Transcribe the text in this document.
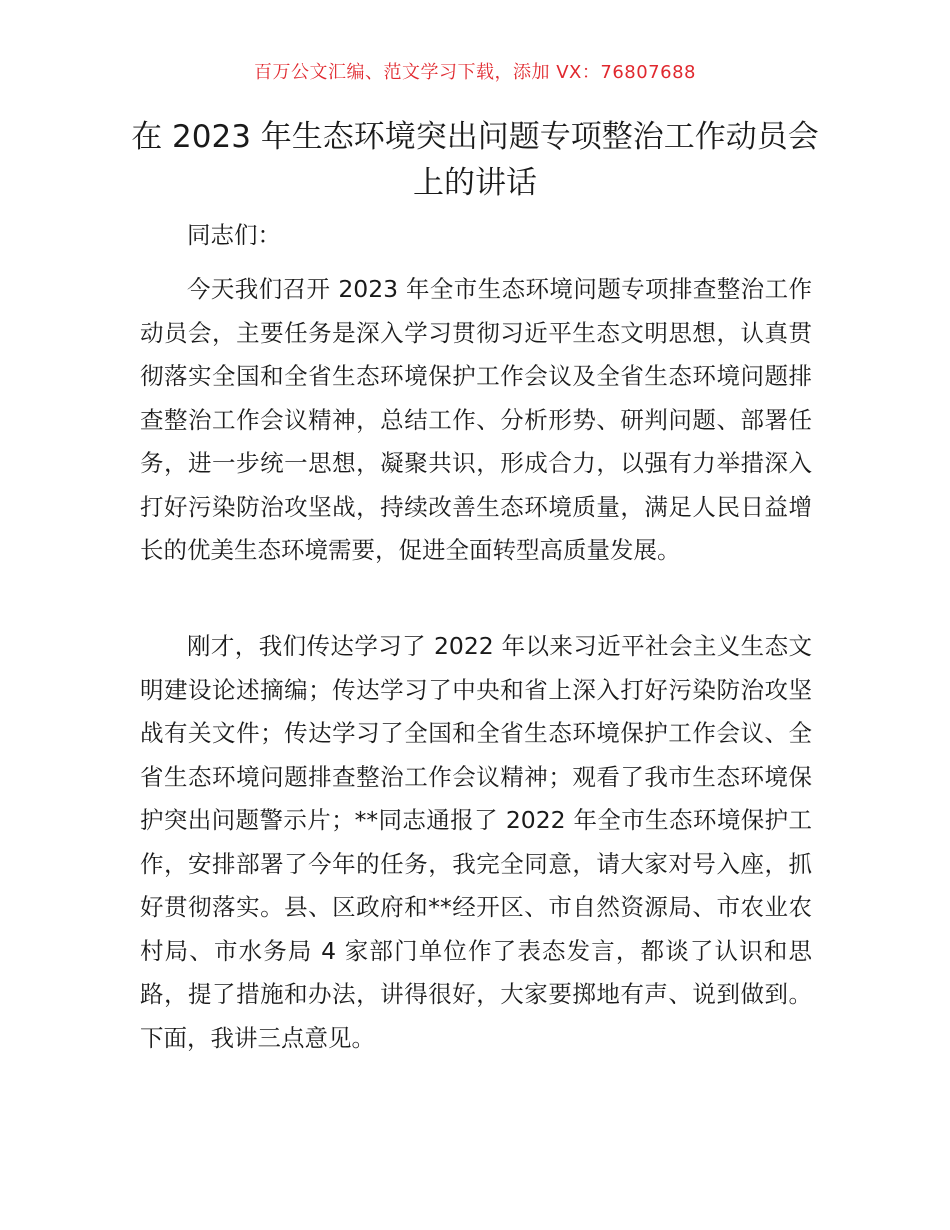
百万公文汇编、范文学习下载，添加 VX：76807688
在 2023 年生态环境突出问题专项整治工作动员会上的讲话

同志们：

今天我们召开 2023 年全市生态环境问题专项排查整治工作动员会，主要任务是深入学习贯彻习近平生态文明思想，认真贯彻落实全国和全省生态环境保护工作会议及全省生态环境问题排查整治工作会议精神，总结工作、分析形势、研判问题、部署任务，进一步统一思想，凝聚共识，形成合力，以强有力举措深入打好污染防治攻坚战，持续改善生态环境质量，满足人民日益增长的优美生态环境需要，促进全面转型高质量发展。

刚才，我们传达学习了 2022 年以来习近平社会主义生态文明建设论述摘编；传达学习了中央和省上深入打好污染防治攻坚战有关文件；传达学习了全国和全省生态环境保护工作会议、全省生态环境问题排查整治工作会议精神；观看了我市生态环境保护突出问题警示片；**同志通报了 2022 年全市生态环境保护工作，安排部署了今年的任务，我完全同意，请大家对号入座，抓好贯彻落实。县、区政府和**经开区、市自然资源局、市农业农村局、市水务局 4 家部门单位作了表态发言，都谈了认识和思路，提了措施和办法，讲得很好，大家要掷地有声、说到做到。下面，我讲三点意见。
